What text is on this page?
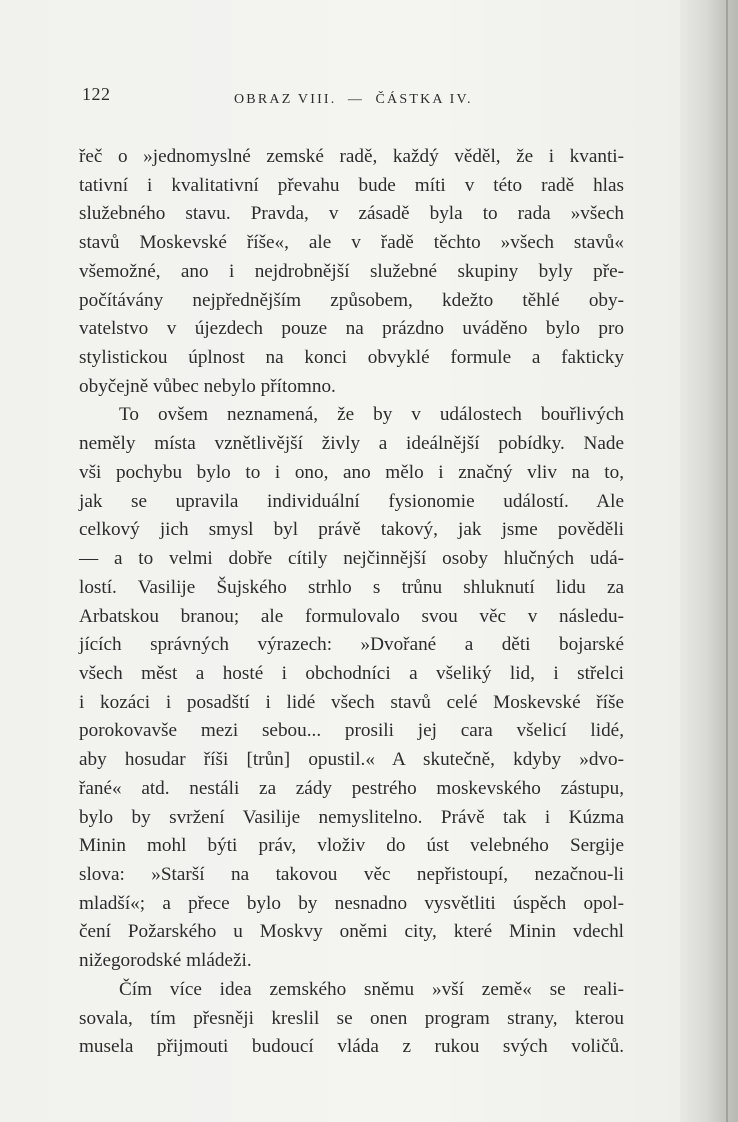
122	OBRAZ VIII.  —  ČÁSTKA IV.
řeč o »jednomyslné zemské radě, každý věděl, že i kvanti-
tativní i kvalitativní převahu bude míti v této radě hlas
služebného stavu. Pravda, v zásadě byla to rada »všech
stavů Moskevské říše«, ale v řadě těchto »všech stavů«
všemožné, ano i nejdrobnější služebné skupiny byly pře-
počítávány nejpřednějším způsobem, kdežto těhlé oby-
vatelstvo v újezdech pouze na prázdno uváděno bylo pro
stylistickou úplnost na konci obvyklé formule a fakticky
obyčejně vůbec nebylo přítomno.
To ovšem neznamená, že by v událostech bouřlivých
neměly místa vznětlivější živly a ideálnější pobídky. Nade
vši pochybu bylo to i ono, ano mělo i značný vliv na to,
jak se upravila individuální fysionomie událostí. Ale
celkový jich smysl byl právě takový, jak jsme pověděli
— a to velmi dobře cítily nejčinnější osoby hlučných udá-
lostí. Vasilije Šujského strhlo s trůnu shluknutí lidu za
Arbatskou branou; ale formulovalo svou věc v následu-
jících správných výrazech: »Dvořané a děti bojarské
všech měst a hosté i obchodníci a všeliký lid, i střelci
i kozáci i posadští i lidé všech stavů celé Moskevské říše
porokovavše mezi sebou... prosili jej cara všelicí lidé,
aby hosudar říši [trůn] opustil.« A skutečně, kdyby »dvo-
řané« atd. nestáli za zády pestrého moskevského zástupu,
bylo by svržení Vasilije nemyslitelno. Právě tak i Kúzma
Minin mohl býti práv, vloživ do úst velebného Sergije
slova: »Starší na takovou věc nepřistoupí, nezačnou-li
mladší«; a přece bylo by nesnadno vysvětliti úspěch opol-
čení Požarského u Moskvy oněmi city, které Minin vdechl
nižegorodské mládeži.
Čím více idea zemského sněmu »vší země« se reali-
sovala, tím přesněji kreslil se onen program strany, kterou
musela přijmouti budoucí vláda z rukou svých voličů.
